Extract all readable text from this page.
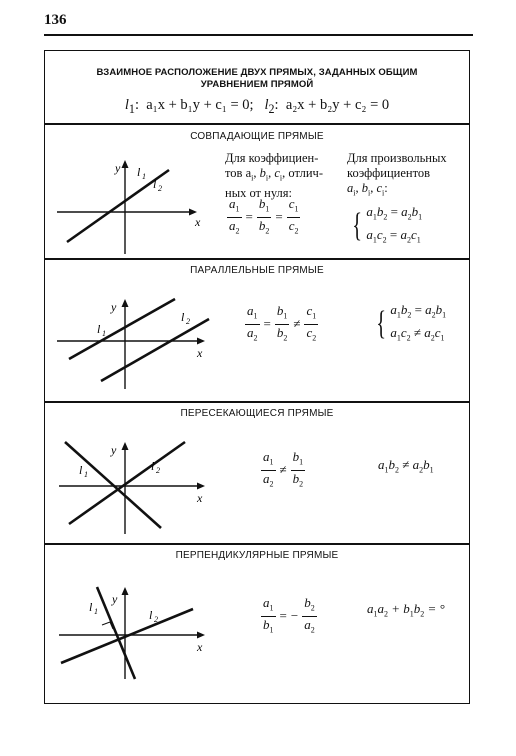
136
ВЗАИМНОЕ РАСПОЛОЖЕНИЕ ДВУХ ПРЯМЫХ, ЗАДАННЫХ ОБЩИМ
УРАВНЕНИЕМ ПРЯМОЙ
$l_1$: a₁x + b₁y + c₁ = 0; $l_2$: a₂x + b₂y + c₂ = 0
СОВПАДАЮЩИЕ ПРЯМЫЕ
y
x
l 1
l 2
Для коэффициен-
тов $a_i$, $b_i$, $c_i$, отлич-
ных от нуля:
Для произвольных
коэффициентов
$a_i$, $b_i$, $c_i$:
$\frac{a_1}{a_2} = \frac{b_1}{b_2} = \frac{c_1}{c_2}$ { $a_1b_2 = a_2b_1$
$a_1c_2 = a_2c_1$
ПАРАЛЛЕЛЬНЫЕ ПРЯМЫЕ
y
x
l 1
l 2	$\frac{a_1}{a_2} = \frac{b_1}{b_2} \ne \frac{c_1}{c_2}$ { $a_1b_2 = a_2b_1$
$a_1c_2 \ne a_2c_1$
ПЕРЕСЕКАЮЩИЕСЯ ПРЯМЫЕ
y
x
l 1
l 2	$\frac{a_1}{a_2} \ne \frac{b_1}{b_2}$	$a_1b_2 \ne a_2b_1$
ПЕРПЕНДИКУЛЯРНЫЕ ПРЯМЫЕ
y
x
l 1	l 2	$\frac{a_1}{b_1}$ = − $\frac{b_2}{a_2}$	$a_1a_2 + b_1b_2$ = °
